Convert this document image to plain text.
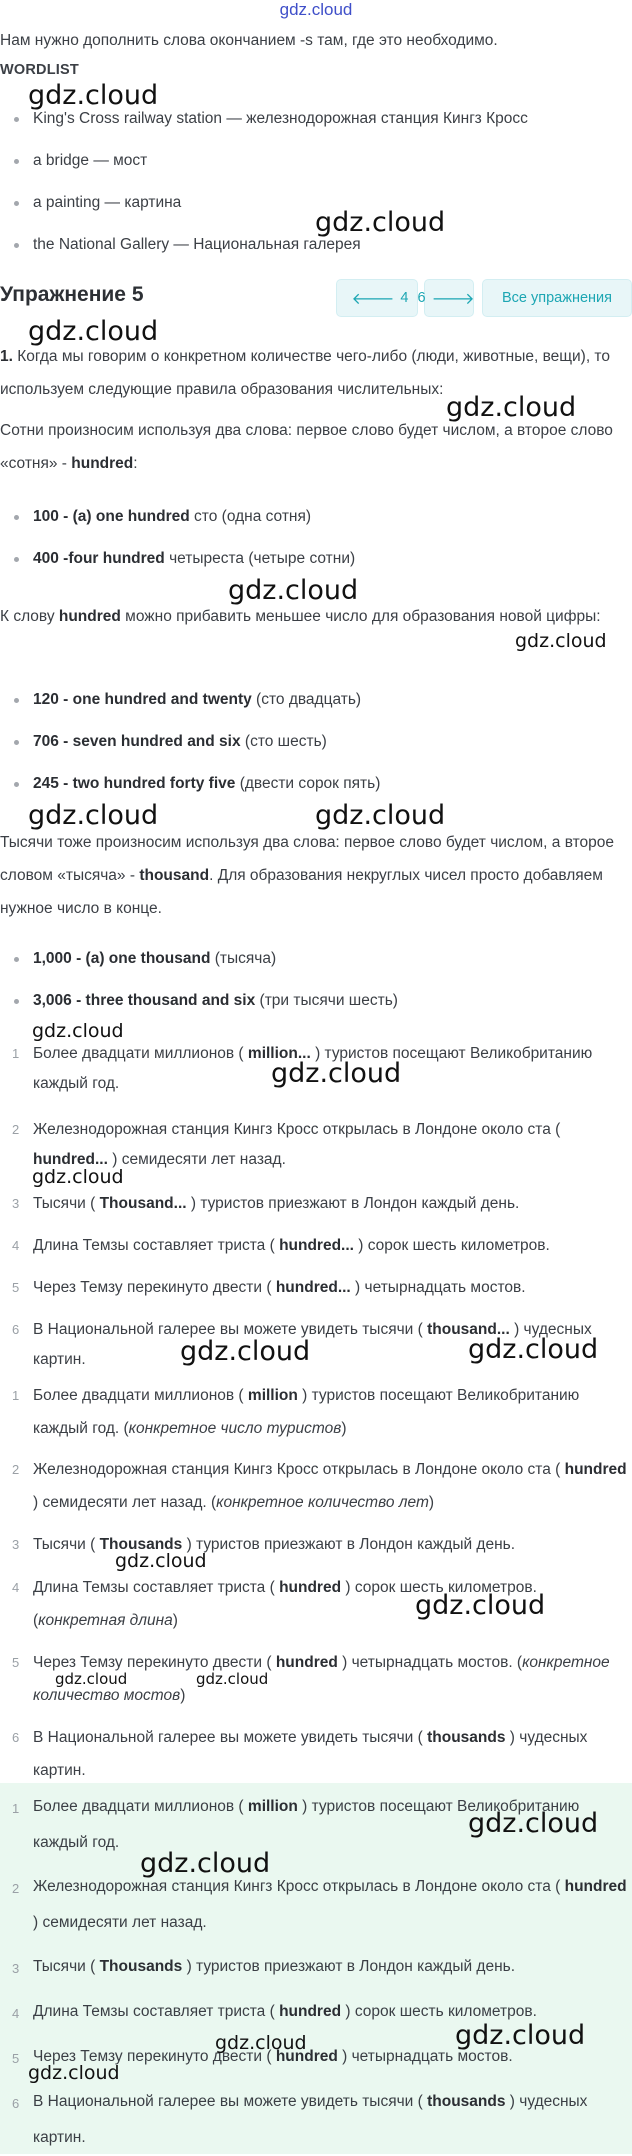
gdz.cloud

Нам нужно дополнить слова окончанием -s там, где это необходимо.

WORDLIST
King's Cross railway station — железнодорожная станция Кингз Кросс
a bridge — мост
a painting — картина
the National Gallery — Национальная галерея
Упражнение 5	🡐 4 6 🡒 Все упражнения

1. Когда мы говорим о конкретном количестве чего-либо (люди, животные, вещи), то используем следующие правила образования числительных:

Сотни произносим используя два слова: первое слово будет числом, а второе слово «сотня» - hundred:

100 - (a) one hundred сто (одна сотня)
400 -four hundred четыреста (четыре сотни)

К слову hundred можно прибавить меньшее число для образования новой цифры:

120 - one hundred and twenty (сто двадцать)
706 - seven hundred and six (сто шесть)
245 - two hundred forty five (двести сорок пять)

Тысячи тоже произносим используя два слова: первое слово будет числом, а второе словом «тысяча» - thousand. Для образования некруглых чисел просто добавляем нужное число в конце.

1,000 - (a) one thousand (тысяча)
3,006 - three thousand and six (три тысячи шесть)
1 Более двадцати миллионов ( million... ) туристов посещают Великобританию каждый год.
2 Железнодорожная станция Кингз Кросс открылась в Лондоне около ста ( hundred... ) семидесяти лет назад.
3 Тысячи ( Thousand... ) туристов приезжают в Лондон каждый день.
4 Длина Темзы составляет триста ( hundred... ) сорок шесть километров.
5 Через Темзу перекинуто двести ( hundred... ) четырнадцать мостов.
6 В Национальной галерее вы можете увидеть тысячи ( thousand... ) чудесных картин.
1 Более двадцати миллионов ( million ) туристов посещают Великобританию каждый год. (конкретное число туристов)
2 Железнодорожная станция Кингз Кросс открылась в Лондоне около ста ( hundred ) семидесяти лет назад. (конкретное количество лет)
3 Тысячи ( Thousands ) туристов приезжают в Лондон каждый день.
4 Длина Темзы составляет триста ( hundred ) сорок шесть километров. (конкретная длина)
5 Через Темзу перекинуто двести ( hundred ) четырнадцать мостов. (конкретное количество мостов)
6 В Национальной галерее вы можете увидеть тысячи ( thousands ) чудесных картин.
1 Более двадцати миллионов ( million ) туристов посещают Великобританию каждый год.
2 Железнодорожная станция Кингз Кросс открылась в Лондоне около ста ( hundred ) семидесяти лет назад.
3 Тысячи ( Thousands ) туристов приезжают в Лондон каждый день.
4 Длина Темзы составляет триста ( hundred ) сорок шесть километров.
5 Через Темзу перекинуто двести ( hundred ) четырнадцать мостов.
6 В Национальной галерее вы можете увидеть тысячи ( thousands ) чудесных картин.
gdz.cloud
gdz.cloud
gdz.cloud
gdz.cloud
gdz.cloud
gdz.cloud
gdz.cloud	gdz.cloud
gdz.cloud
gdz.cloud
gdz.cloud
gdz.cloud	gdz.cloud
gdz.cloud
gdz.cloud
gdz.cloud	gdz.cloud
gdz.cloud
gdz.cloud
gdz.cloud	gdz.cloud
gdz.cloud
